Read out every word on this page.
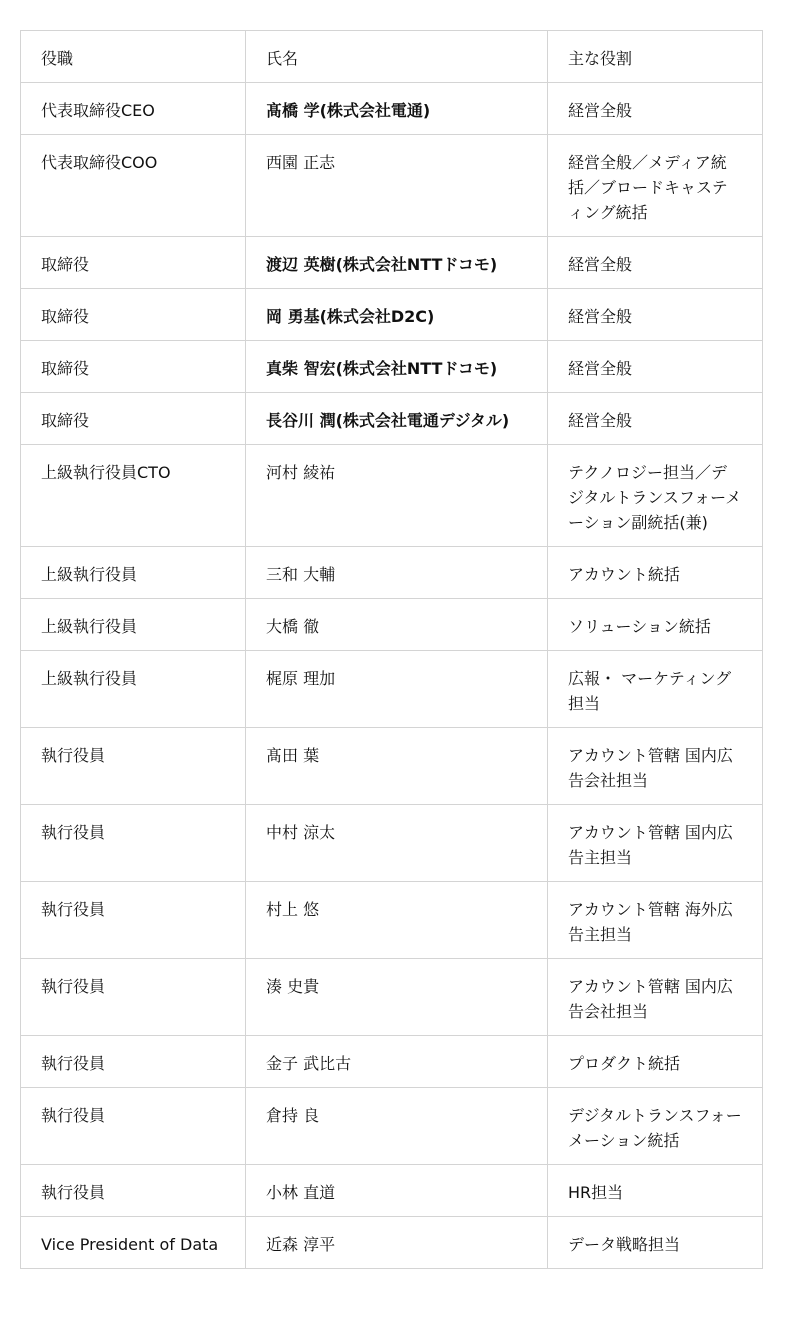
役職	氏名	主な役割
代表取締役CEO	髙橋 学(株式会社電通)	経営全般
代表取締役COO	西園 正志	経営全般／メディア統括／ブロードキャスティング統括
取締役	渡辺 英樹(株式会社NTTドコモ)	経営全般
取締役	岡 勇基(株式会社D2C)	経営全般
取締役	真柴 智宏(株式会社NTTドコモ)	経営全般
取締役	長谷川 潤(株式会社電通デジタル)	経営全般
上級執行役員CTO	河村 綾祐	テクノロジー担当／デジタルトランスフォーメーション副統括(兼)
上級執行役員	三和 大輔	アカウント統括
上級執行役員	大橋 徹	ソリューション統括
上級執行役員	梶原 理加	広報・ マーケティング担当
執行役員	髙田 葉	アカウント管轄 国内広告会社担当
執行役員	中村 涼太	アカウント管轄 国内広告主担当
執行役員	村上 悠	アカウント管轄 海外広告主担当
執行役員	湊 史貴	アカウント管轄 国内広告会社担当
執行役員	金子 武比古	プロダクト統括
執行役員	倉持 良	デジタルトランスフォーメーション統括
執行役員	小林 直道	HR担当
Vice President of Data	近森 淳平	データ戦略担当
